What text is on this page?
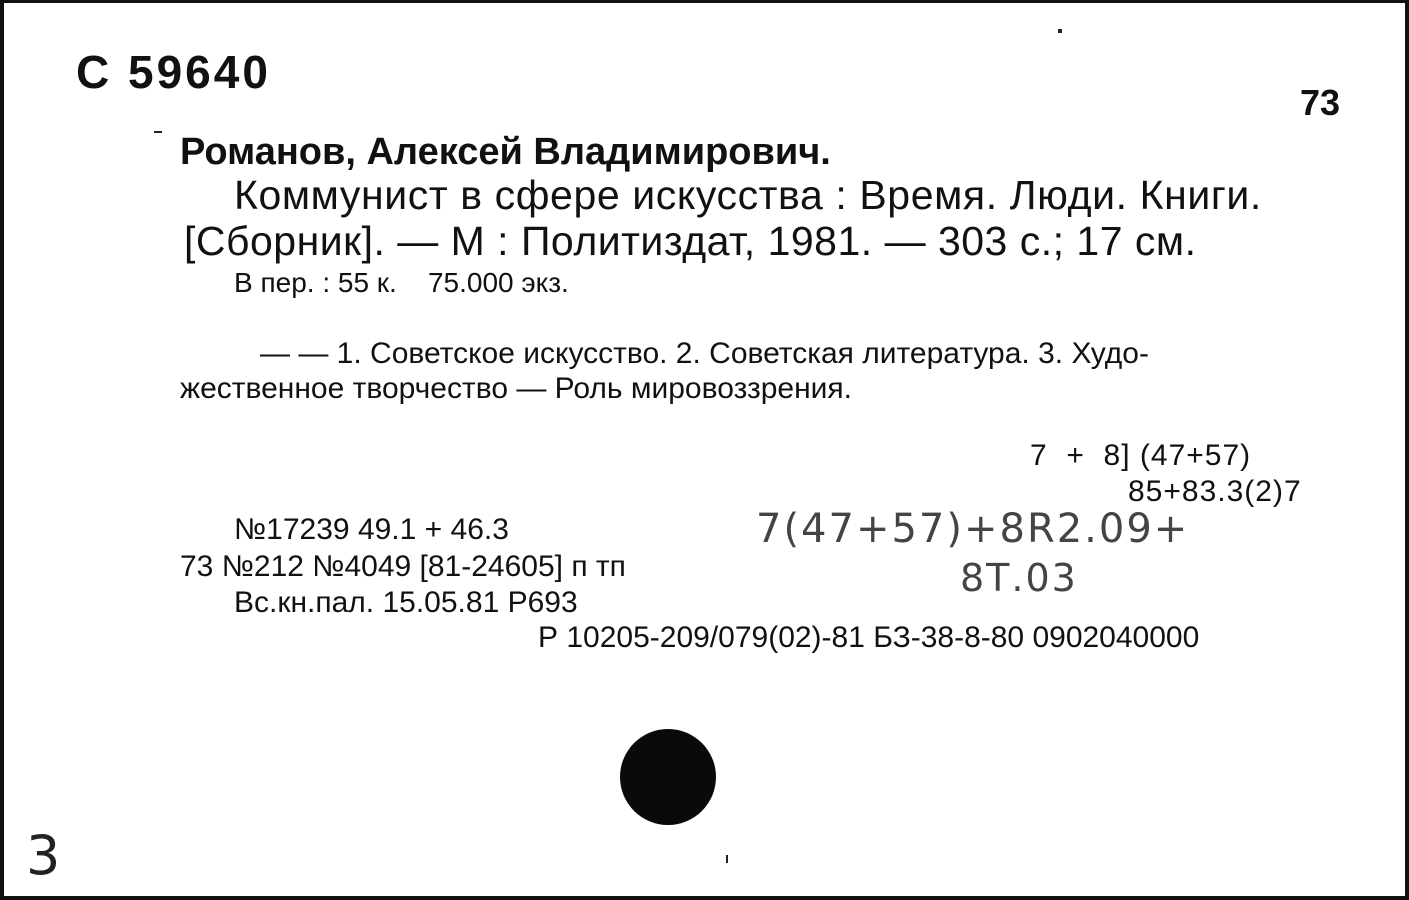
С 59640
73
Романов, Алексей Владимирович.
Коммунист в сфере искусства : Время. Люди. Книги.
[Сборник]. — М : Политиздат, 1981. — 303 с.; 17 см.
В пер. : 55 к.    75.000 экз.
— — 1. Советское искусство. 2. Советская литература. 3. Худо-
жественное творчество — Роль мировоззрения.
7  +  8] (47+57)
85+83.3(2)7
№17239 49.1 + 46.3
73 №212 №4049 [81-24605] п тп
Вс.кн.пал. 15.05.81 Р693
Р 10205-209/079(02)-81 БЗ-38-8-80 0902040000
7(47+57)+8R2.09+
8Т.03
3
